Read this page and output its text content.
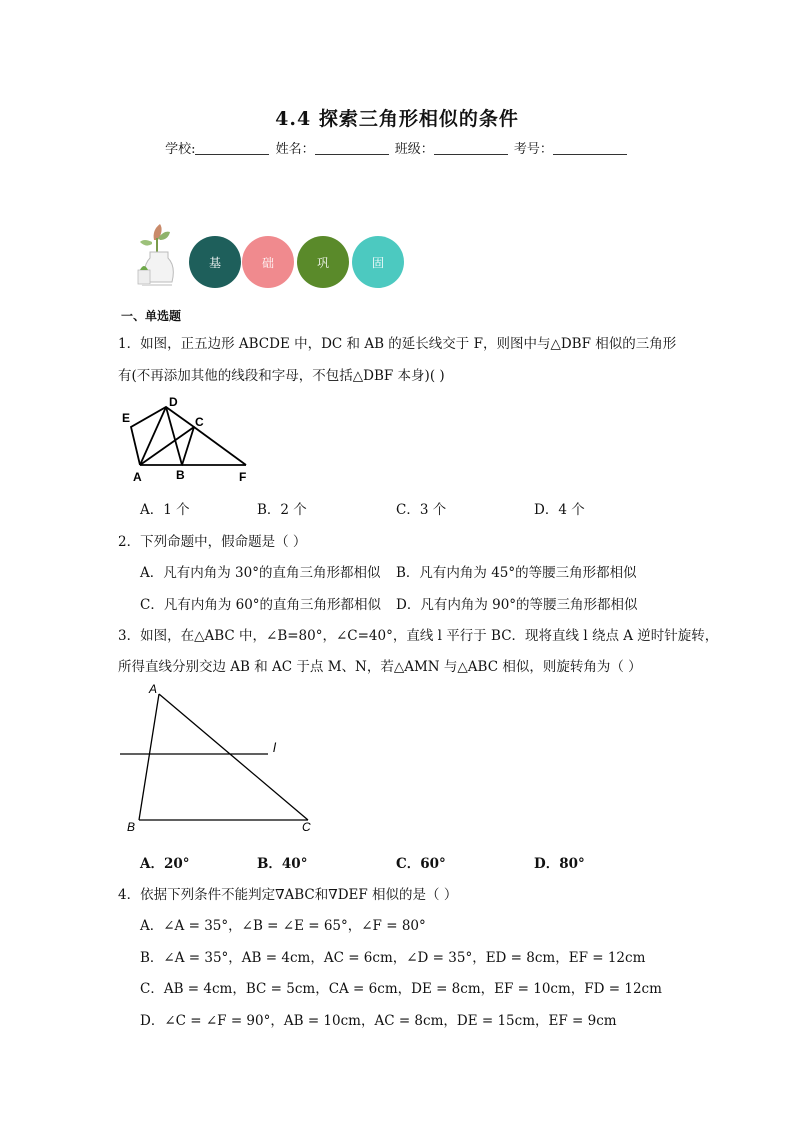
4.4 探索三角形相似的条件
学校:	姓名：	班级：	考号：
基	础	巩	固
一、单选题
1．如图，正五边形 ABCDE 中，DC 和 AB 的延长线交于 F，则图中与△DBF 相似的三角形
有(不再添加其他的线段和字母，不包括△DBF 本身)( )
E
D
C
A	B	F
A．1 个	B．2 个	C．3 个	D．4 个
2．下列命题中，假命题是（ ）
A．凡有内角为 30°的直角三角形都相似 B．凡有内角为 45°的等腰三角形都相似
C．凡有内角为 60°的直角三角形都相似 D．凡有内角为 90°的等腰三角形都相似
3．如图，在△ABC 中，∠B=80°，∠C=40°，直线 l 平行于 BC．现将直线 l 绕点 A 逆时针旋转，
所得直线分别交边 AB 和 AC 于点 M、N，若△AMN 与△ABC 相似，则旋转角为（ ）
A
B	C
l
A．20°	B．40°	C．60°	D．80°
4．依据下列条件不能判定∇ABC和∇DEF 相似的是（ ）
A．∠A = 35°，∠B = ∠E = 65°，∠F = 80°
B．∠A = 35°，AB = 4cm，AC = 6cm，∠D = 35°，ED = 8cm，EF = 12cm
C．AB = 4cm，BC = 5cm，CA = 6cm，DE = 8cm，EF = 10cm，FD = 12cm
D．∠C = ∠F = 90°，AB = 10cm，AC = 8cm，DE = 15cm，EF = 9cm
